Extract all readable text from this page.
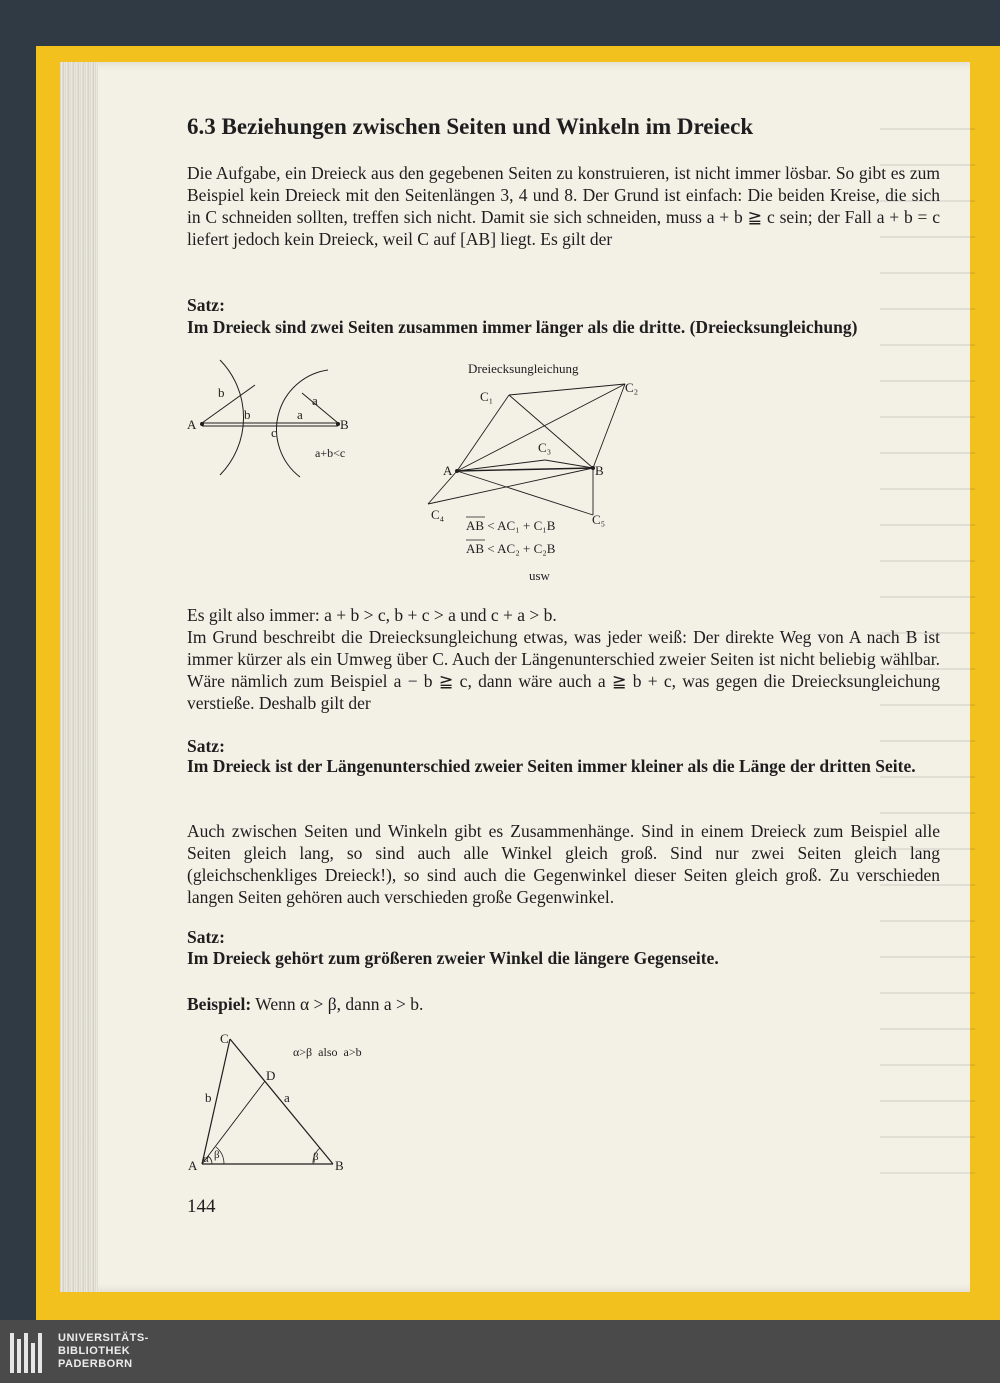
6.3 Beziehungen zwischen Seiten und Winkeln im Dreieck

Die Aufgabe, ein Dreieck aus den gegebenen Seiten zu konstruieren, ist nicht immer lösbar. So gibt es zum Beispiel kein Dreieck mit den Seitenlängen 3, 4 und 8. Der Grund ist einfach: Die beiden Kreise, die sich in C schneiden sollten, treffen sich nicht. Damit sie sich schneiden, muss a + b ≧ c sein; der Fall a + b = c liefert jedoch kein Dreieck, weil C auf [AB] liegt. Es gilt der

Satz:

Im Dreieck sind zwei Seiten zusammen immer länger als die dritte. (Dreiecksungleichung)

A	B
b
a
b	a
c
a+b<c
Dreiecksungleichung
A	B
C₁
C₂
C₃
C₄	C₅
AB < AC₁ + C₁B
AB < AC₂ + C₂B
usw

Es gilt also immer: a + b > c, b + c > a und c + a > b.

Im Grund beschreibt die Dreiecksungleichung etwas, was jeder weiß: Der direkte Weg von A nach B ist immer kürzer als ein Umweg über C. Auch der Längenunterschied zweier Seiten ist nicht beliebig wählbar. Wäre nämlich zum Beispiel a − b ≧ c, dann wäre auch a ≧ b + c, was gegen die Dreiecksungleichung verstieße. Deshalb gilt der

Satz:

Im Dreieck ist der Längenunterschied zweier Seiten immer kleiner als die Länge der dritten Seite.

Auch zwischen Seiten und Winkeln gibt es Zusammenhänge. Sind in einem Dreieck zum Beispiel alle Seiten gleich lang, so sind auch alle Winkel gleich groß. Sind nur zwei Seiten gleich lang (gleichschenkliges Dreieck!), so sind auch die Gegenwinkel dieser Seiten gleich groß. Zu verschieden langen Seiten gehören auch verschieden große Gegenwinkel.

Satz:

Im Dreieck gehört zum größeren zweier Winkel die längere Gegenseite.

Beispiel: Wenn α > β, dann a > b.
A	B
C
D
a
b
α β	β
α>β  also  a>b
144
UNIVERSITÄTS-
BIBLIOTHEK
PADERBORN
